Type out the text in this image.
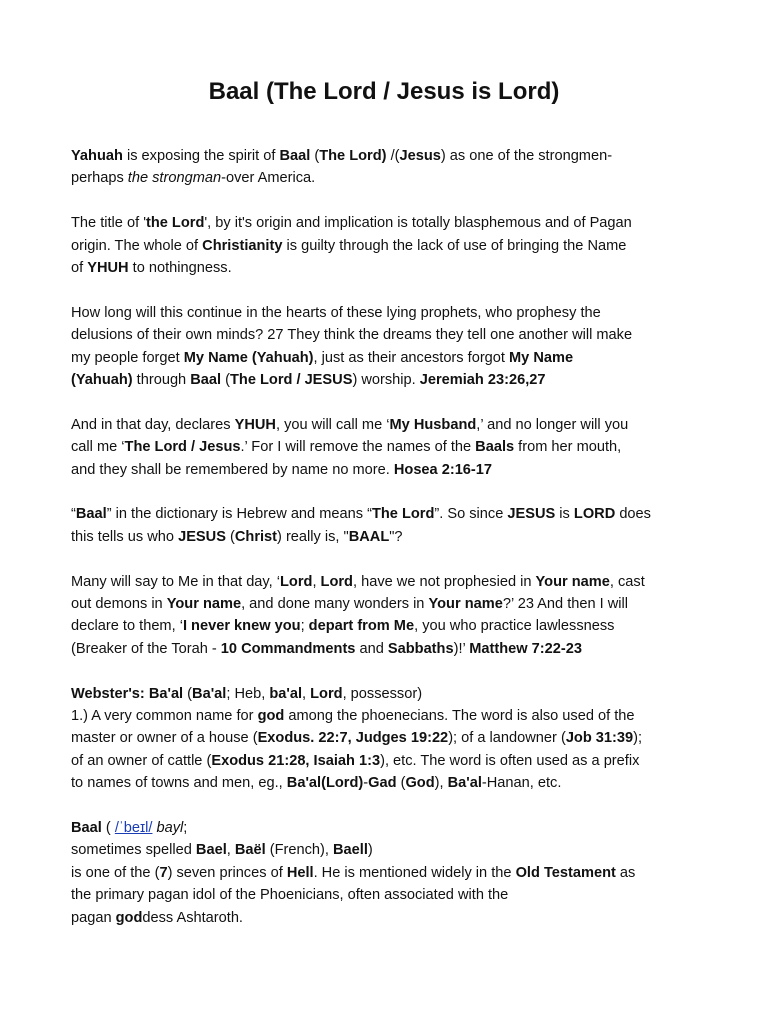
Baal (The Lord / Jesus is Lord)
Yahuah is exposing the spirit of Baal (The Lord) /(Jesus) as one of the strongmen-
perhaps the strongman-over America.
The title of 'the Lord', by it's origin and implication is totally blasphemous and of Pagan
origin. The whole of Christianity is guilty through the lack of use of bringing the Name
of YHUH to nothingness.
How long will this continue in the hearts of these lying prophets, who prophesy the
delusions of their own minds? 27 They think the dreams they tell one another will make
my people forget My Name (Yahuah), just as their ancestors forgot My Name
(Yahuah) through Baal (The Lord / JESUS) worship. Jeremiah 23:26,27
And in that day, declares YHUH, you will call me ‘My Husband,’ and no longer will you
call me ‘The Lord / Jesus.’ For I will remove the names of the Baals from her mouth,
and they shall be remembered by name no more. Hosea 2:16-17
“Baal” in the dictionary is Hebrew and means “The Lord”. So since JESUS is LORD does
this tells us who JESUS (Christ) really is, "BAAL"?
Many will say to Me in that day, ‘Lord, Lord, have we not prophesied in Your name, cast
out demons in Your name, and done many wonders in Your name?’ 23 And then I will
declare to them, ‘I never knew you; depart from Me, you who practice lawlessness
(Breaker of the Torah - 10 Commandments and Sabbaths)!’ Matthew 7:22-23
Webster's: Ba'al (Ba'al; Heb, ba'al, Lord, possessor)
1.) A very common name for god among the phoenecians. The word is also used of the
master or owner of a house (Exodus. 22:7, Judges 19:22); of a landowner (Job 31:39);
of an owner of cattle (Exodus 21:28, Isaiah 1:3), etc. The word is often used as a prefix
to names of towns and men, eg., Ba'al(Lord)-Gad (God), Ba'al-Hanan, etc.
Baal ( /ˈbeɪl/ bayl;
sometimes spelled Bael, Baël (French), Baell)
is one of the (7) seven princes of Hell. He is mentioned widely in the Old Testament as
the primary pagan idol of the Phoenicians, often associated with the
pagan goddess Ashtaroth.
